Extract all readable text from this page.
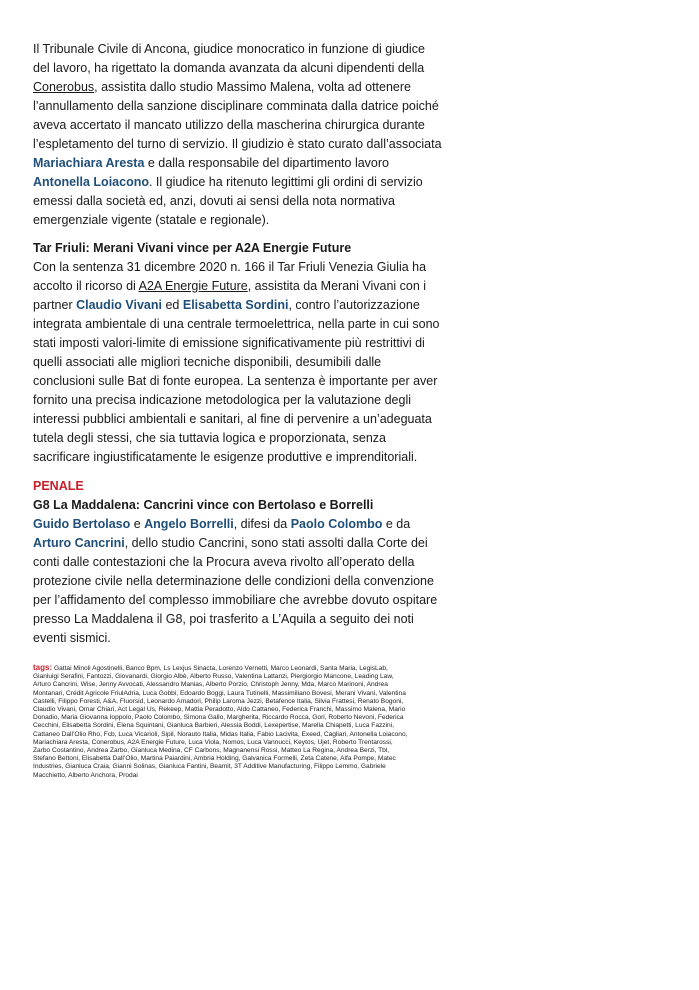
Il Tribunale Civile di Ancona, giudice monocratico in funzione di giudice del lavoro, ha rigettato la domanda avanzata da alcuni dipendenti della Conerobus, assistita dallo studio Massimo Malena, volta ad ottenere l’annullamento della sanzione disciplinare comminata dalla datrice poiché aveva accertato il mancato utilizzo della mascherina chirurgica durante l’espletamento del turno di servizio. Il giudizio è stato curato dall’associata Mariachiara Aresta e dalla responsabile del dipartimento lavoro Antonella Loiacono. Il giudice ha ritenuto legittimi gli ordini di servizio emessi dalla società ed, anzi, dovuti ai sensi della nota normativa emergenziale vigente (statale e regionale).

Tar Friuli: Merani Vivani vince per A2A Energie Future

Con la sentenza 31 dicembre 2020 n. 166 il Tar Friuli Venezia Giulia ha accolto il ricorso di A2A Energie Future, assistita da Merani Vivani con i partner Claudio Vivani ed Elisabetta Sordini, contro l’autorizzazione integrata ambientale di una centrale termoelettrica, nella parte in cui sono stati imposti valori-limite di emissione significativamente più restrittivi di quelli associati alle migliori tecniche disponibili, desumibili dalle conclusioni sulle Bat di fonte europea. La sentenza è importante per aver fornito una precisa indicazione metodologica per la valutazione degli interessi pubblici ambientali e sanitari, al fine di pervenire a un’adeguata tutela degli stessi, che sia tuttavia logica e proporzionata, senza sacrificare ingiustificatamente le esigenze produttive e imprenditoriali.

PENALE

G8 La Maddalena: Cancrini vince con Bertolaso e Borrelli

Guido Bertolaso e Angelo Borrelli, difesi da Paolo Colombo e da Arturo Cancrini, dello studio Cancrini, sono stati assolti dalla Corte dei conti dalle contestazioni che la Procura aveva rivolto all’operato della protezione civile nella determinazione delle condizioni della convenzione per l’affidamento del complesso immobiliare che avrebbe dovuto ospitare presso La Maddalena il G8, poi trasferito a L’Aquila a seguito dei noti eventi sismici.

tags: Gattai Minoli Agostinelli, Banco Bpm, Ls Lexjus Sinacta, Lorenzo Vernetti, Marco Leonardi, Santa Maria, LegisLab, Gianluigi Serafini, Fantozzi, Giovanardi, Giorgio Albè, Alberto Russo, Valentina Lattanzi, Piergiorgio Mancone, Leading Law, Arturo Cancrini, Wise, Jenny Avvocati, Alessandro Manias, Alberto Porzio, Christoph Jenny, Mda, Marco Marinoni, Andrea Montanari, Crédit Agricole FriulAdria, Luca Gobbi, Edoardo Boggi, Laura Tutinelli, Massimiliano Bovesi, Merani Vivani, Valentina Castelli, Filippo Foresti, A&A, Fluorsid, Leonardo Amadori, Philip Laroma Jezzi, Betafence Italia, Silvia Frattesi, Renato Bogoni, Claudio Vivani, Omar Chiari, Act Legal Us, Rekeep, Mattia Peradotto, Aldo Cattaneo, Federica Franchi, Massimo Malena, Mario Donadio, Maria Giovanna Ioppolo, Paolo Colombo, Simona Gallo, Margherita, Riccardo Rocca, Gori, Roberto Nevoni, Federica Cecchini, Elisabetta Sordini, Elena Squintani, Gianluca Barbieri, Alessia Boddi, Lexepertise, Marella Chiapetti, Luca Fazzini, Cattaneo Dall’Olio Rho, Fcb, Luca Vicarioli, Sipil, Norauto Italia, Midas Italia, Fabio Lacivita, Exeed, Cagliari, Antonella Loiacono, Mariachiara Aresta, Conerobus, A2A Energie Future, Luca Viola, Nomos, Luca Vannucci, Keytos, Ujet, Roberto Trentarossi, Zarbo Costantino, Andrea Zarbo, Gianluca Medina, CF Carbons, Magnanensi Rossi, Matteo La Regina, Andrea Berzi, Tbl, Stefano Bettoni, Elisabetta Dall’Olio, Martina Paiardini, Ambria Holding, Galvanica Formelli, Zeta Catene, Alfa Pompe, Matec Industries, Gianluca Craia, Gianni Solinas, Gianluca Fantini, Beamit, 3T Additive Manufacturing, Filippo Lemmo, Gabriele Macchietto, Alberto Anchora, Prodai
